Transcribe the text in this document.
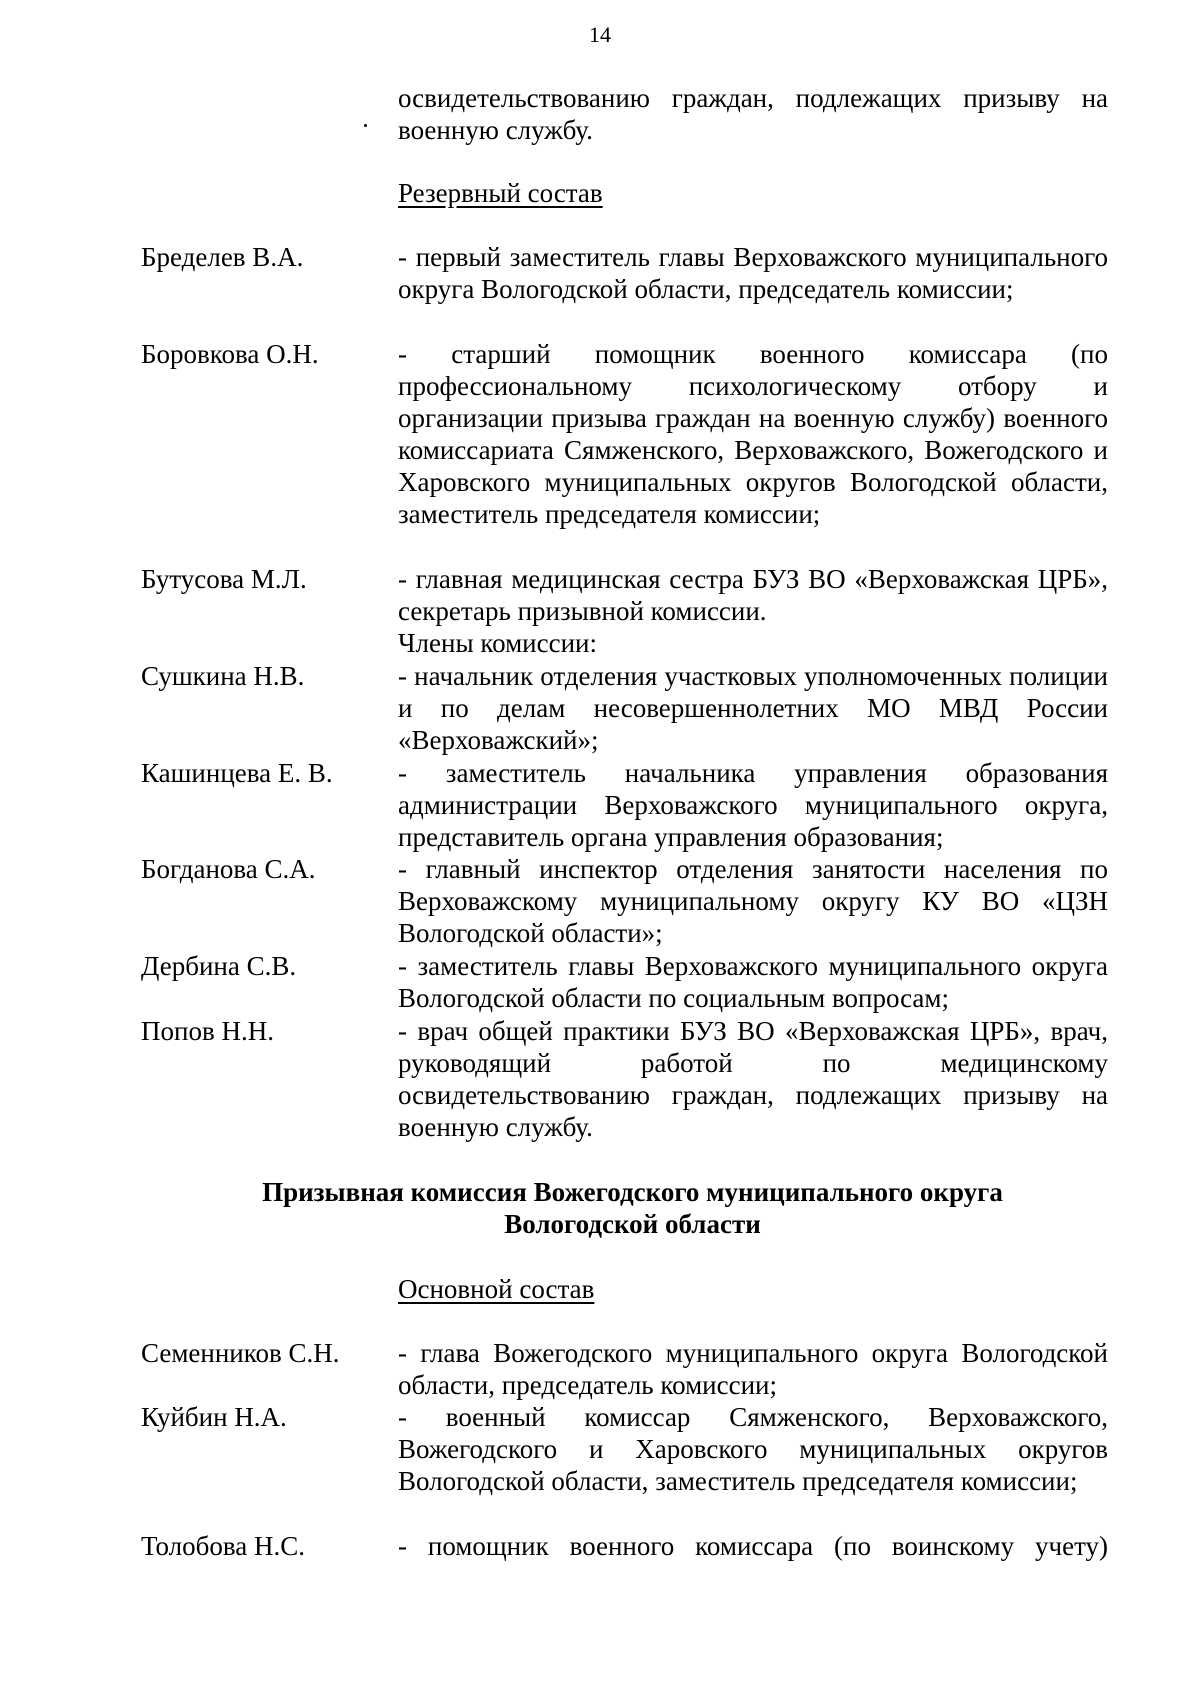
14
освидетельствованию граждан, подлежащих призыву на военную службу.
Резервный состав
Бределев В.А.	- первый заместитель главы Верховажского муниципального округа Вологодской области, председатель комиссии;
Боровкова О.Н.	- старший помощник военного комиссара (по профессиональному психологическому отбору и организации призыва граждан на военную службу) военного комиссариата Сямженского, Верховажского, Вожегодского и Харовского муниципальных округов Вологодской области, заместитель председателя комиссии;
Бутусова М.Л.	- главная медицинская сестра БУЗ ВО «Верховажская ЦРБ», секретарь призывной комиссии.
Члены комиссии:
Сушкина Н.В.	- начальник отделения участковых уполномоченных полиции и по делам несовершеннолетних МО МВД России «Верховажский»;
Кашинцева Е. В.	- заместитель начальника управления образования администрации Верховажского муниципального округа, представитель органа управления образования;
Богданова С.А.	- главный инспектор отделения занятости населения по Верховажскому муниципальному округу КУ ВО «ЦЗН Вологодской области»;
Дербина С.В.	- заместитель главы Верховажского муниципального округа Вологодской области по социальным вопросам;
Попов Н.Н.	- врач общей практики БУЗ ВО «Верховажская ЦРБ», врач, руководящий работой по медицинскому освидетельствованию граждан, подлежащих призыву на военную службу.
Призывная комиссия Вожегодского муниципального округа
Вологодской области
Основной состав
Семенников С.Н.	- глава Вожегодского муниципального округа Вологодской области, председатель комиссии;
Куйбин Н.А.	- военный комиссар Сямженского, Верховажского, Вожегодского и Харовского муниципальных округов Вологодской области, заместитель председателя комиссии;
Толобова Н.С.	- помощник военного комиссара (по воинскому учету)
